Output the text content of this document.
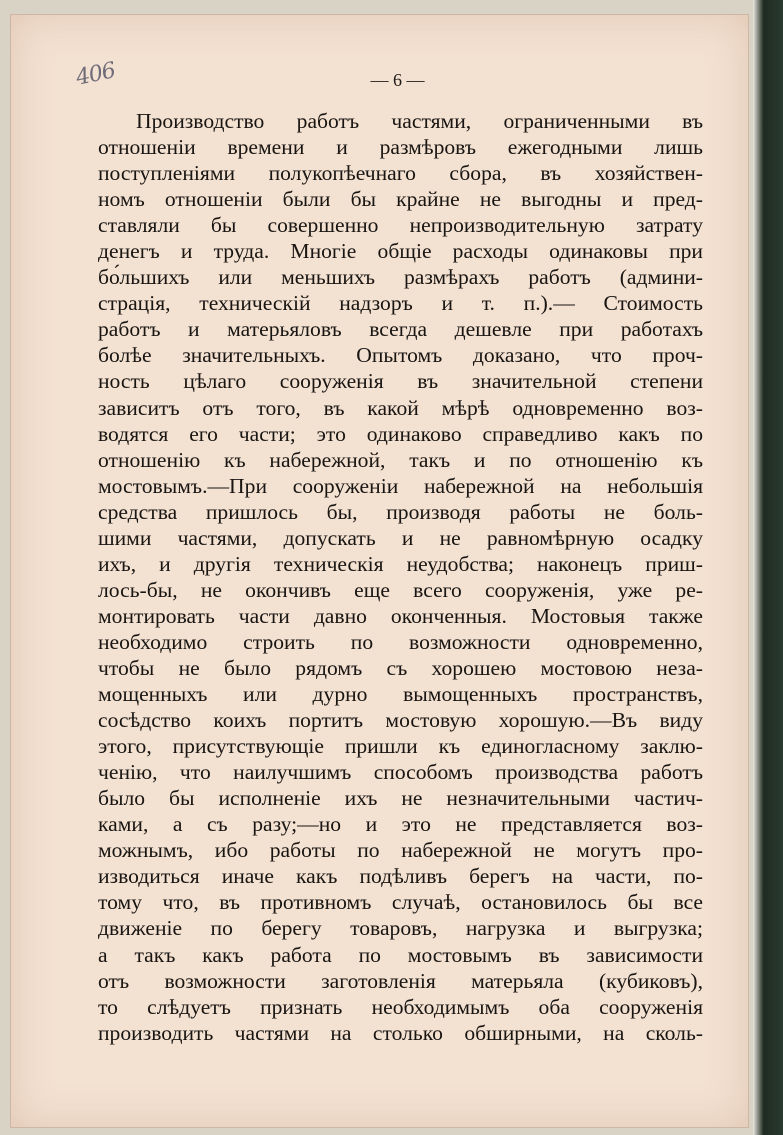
406	— 6 —
Производство работъ частями, ограниченными въ
отношеніи времени и размѣровъ ежегодными лишь
поступленіями полукопѣечнаго сбора, въ хозяйствен-
номъ отношеніи были бы крайне не выгодны и пред-
ставляли бы совершенно непроизводительную затрату
денегъ и труда. Многіе общіе расходы одинаковы при
бо́льшихъ или меньшихъ размѣрахъ работъ (админи-
страція, техническій надзоръ и т. п.).— Стоимость
работъ и матерьяловъ всегда дешевле при работахъ
болѣе значительныхъ. Опытомъ доказано, что проч-
ность цѣлаго сооруженія въ значительной степени
зависитъ отъ того, въ какой мѣрѣ одновременно воз-
водятся его части; это одинаково справедливо какъ по
отношенію къ набережной, такъ и по отношенію къ
мостовымъ.—При сооруженіи набережной на небольшія
средства пришлось бы, производя работы не боль-
шими частями, допускать и не равномѣрную осадку
ихъ, и другія техническія неудобства; наконецъ приш-
лось-бы, не окончивъ еще всего сооруженія, уже ре-
монтировать части давно оконченныя. Мостовыя также
необходимо строить по возможности одновременно,
чтобы не было рядомъ съ хорошею мостовою неза-
мощенныхъ или дурно вымощенныхъ пространствъ,
сосѣдство коихъ портитъ мостовую хорошую.—Въ виду
этого, присутствующіе пришли къ единогласному заклю-
ченію, что наилучшимъ способомъ производства работъ
было бы исполненіе ихъ не незначительными частич-
ками, а съ разу;—но и это не представляется воз-
можнымъ, ибо работы по набережной не могутъ про-
изводиться иначе какъ подѣливъ берегъ на части, по-
тому что, въ противномъ случаѣ, остановилось бы все
движеніе по берегу товаровъ, нагрузка и выгрузка;
а такъ какъ работа по мостовымъ въ зависимости
отъ возможности заготовленія матерьяла (кубиковъ),
то слѣдуетъ признать необходимымъ оба сооруженія
производить частями на столько обширными, на сколь-
